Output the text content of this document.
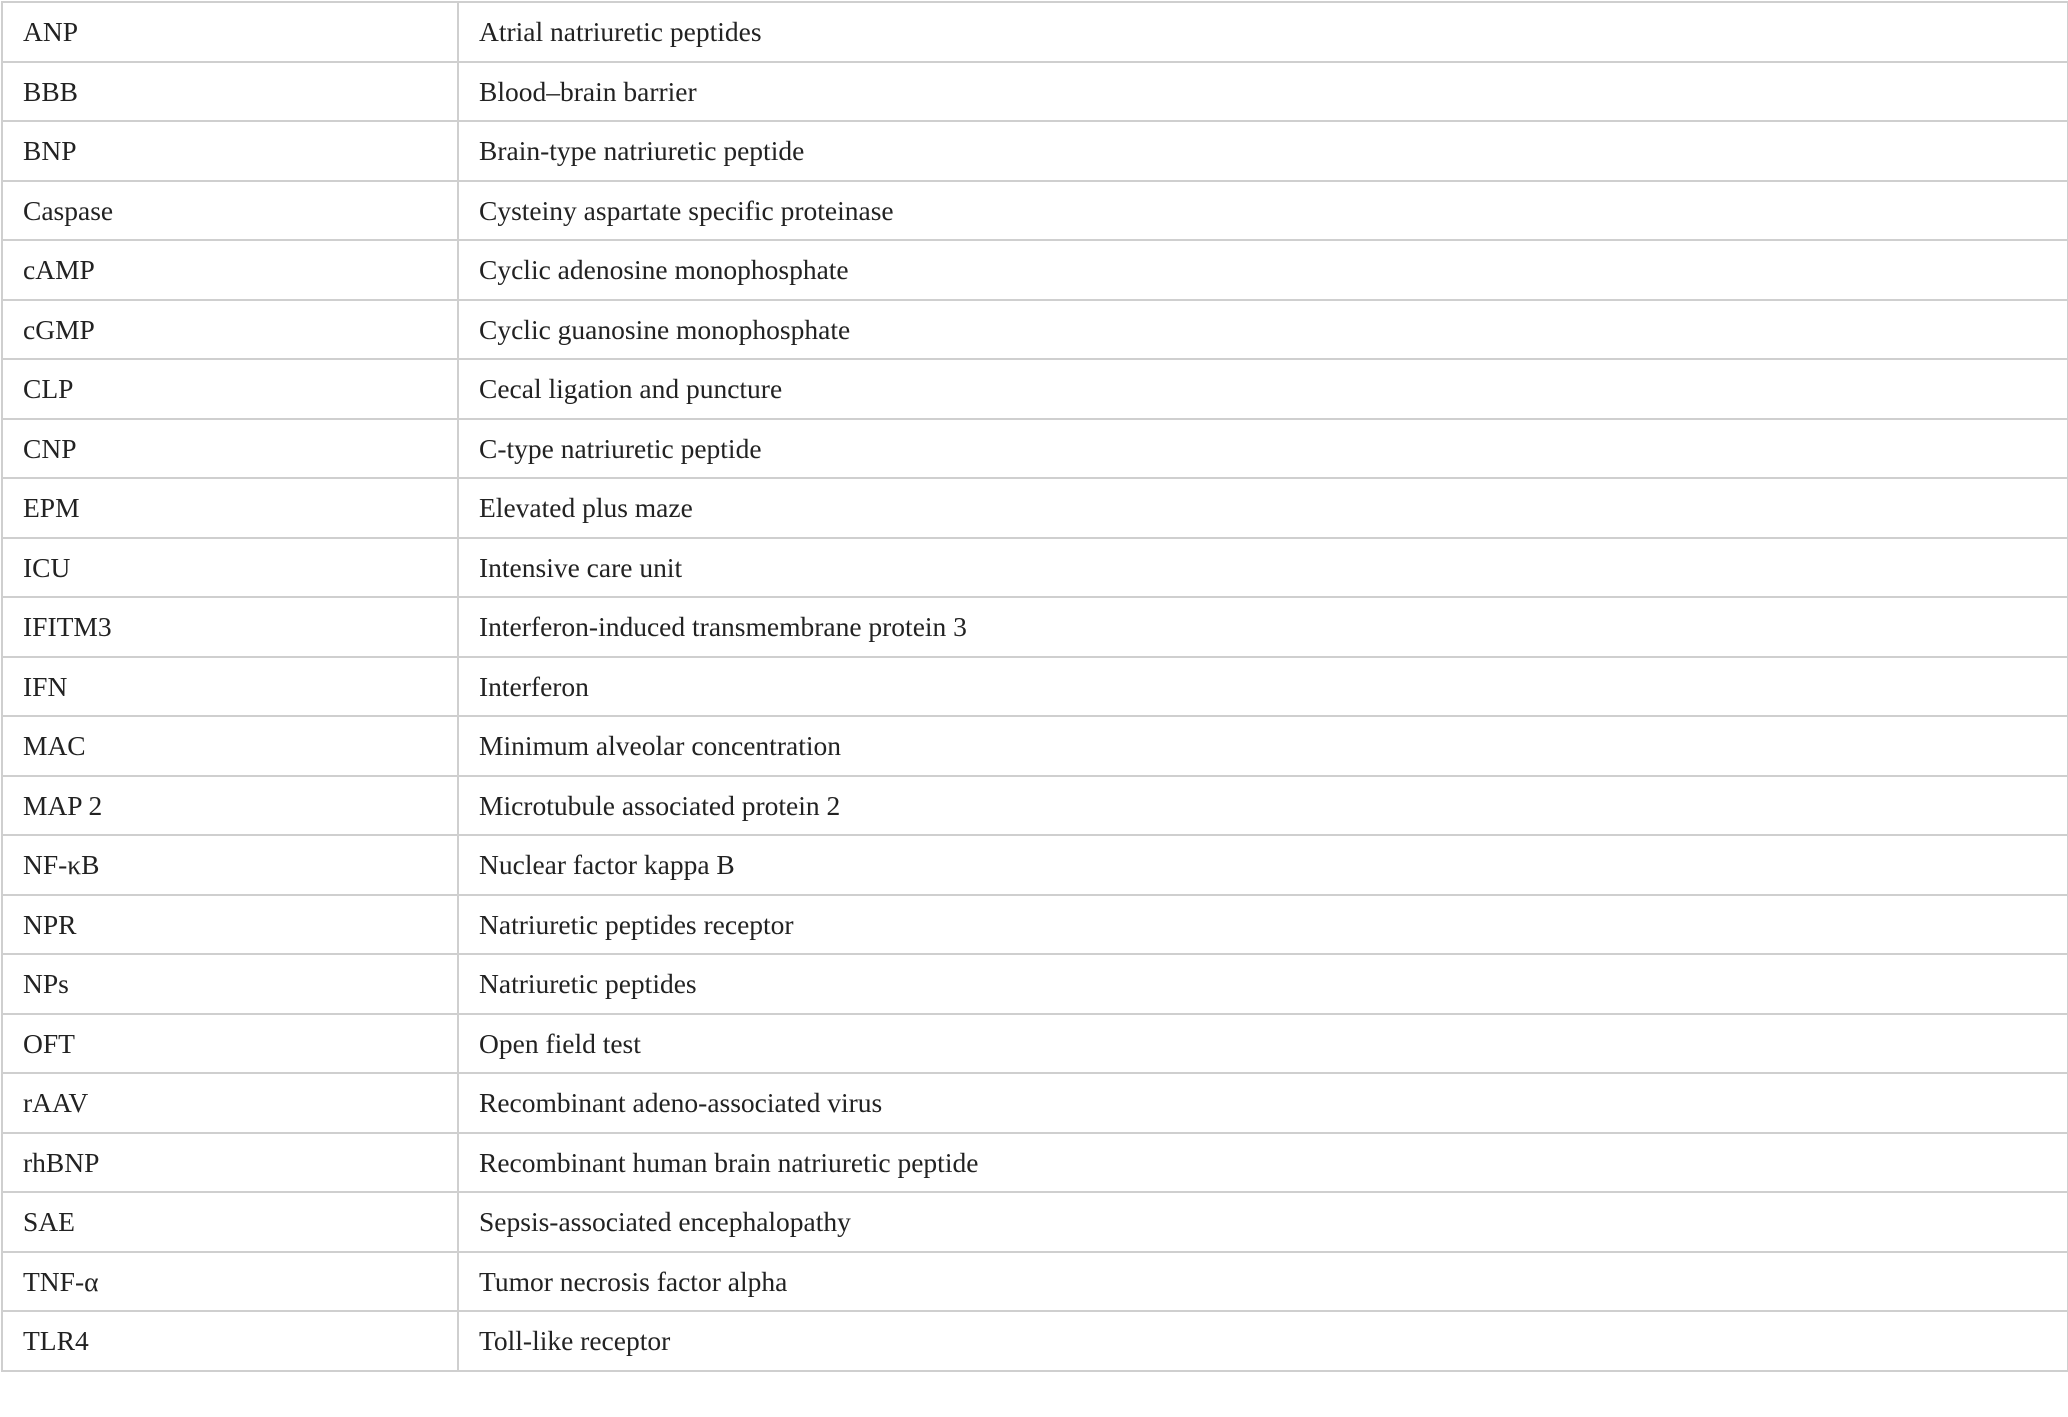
ANP	Atrial natriuretic peptides
BBB	Blood–brain barrier
BNP	Brain-type natriuretic peptide
Caspase	Cysteiny aspartate specific proteinase
cAMP	Cyclic adenosine monophosphate
cGMP	Cyclic guanosine monophosphate
CLP	Cecal ligation and puncture
CNP	C-type natriuretic peptide
EPM	Elevated plus maze
ICU	Intensive care unit
IFITM3	Interferon-induced transmembrane protein 3
IFN	Interferon
MAC	Minimum alveolar concentration
MAP 2	Microtubule associated protein 2
NF-κB	Nuclear factor kappa B
NPR	Natriuretic peptides receptor
NPs	Natriuretic peptides
OFT	Open field test
rAAV	Recombinant adeno-associated virus
rhBNP	Recombinant human brain natriuretic peptide
SAE	Sepsis-associated encephalopathy
TNF-α	Tumor necrosis factor alpha
TLR4	Toll-like receptor
